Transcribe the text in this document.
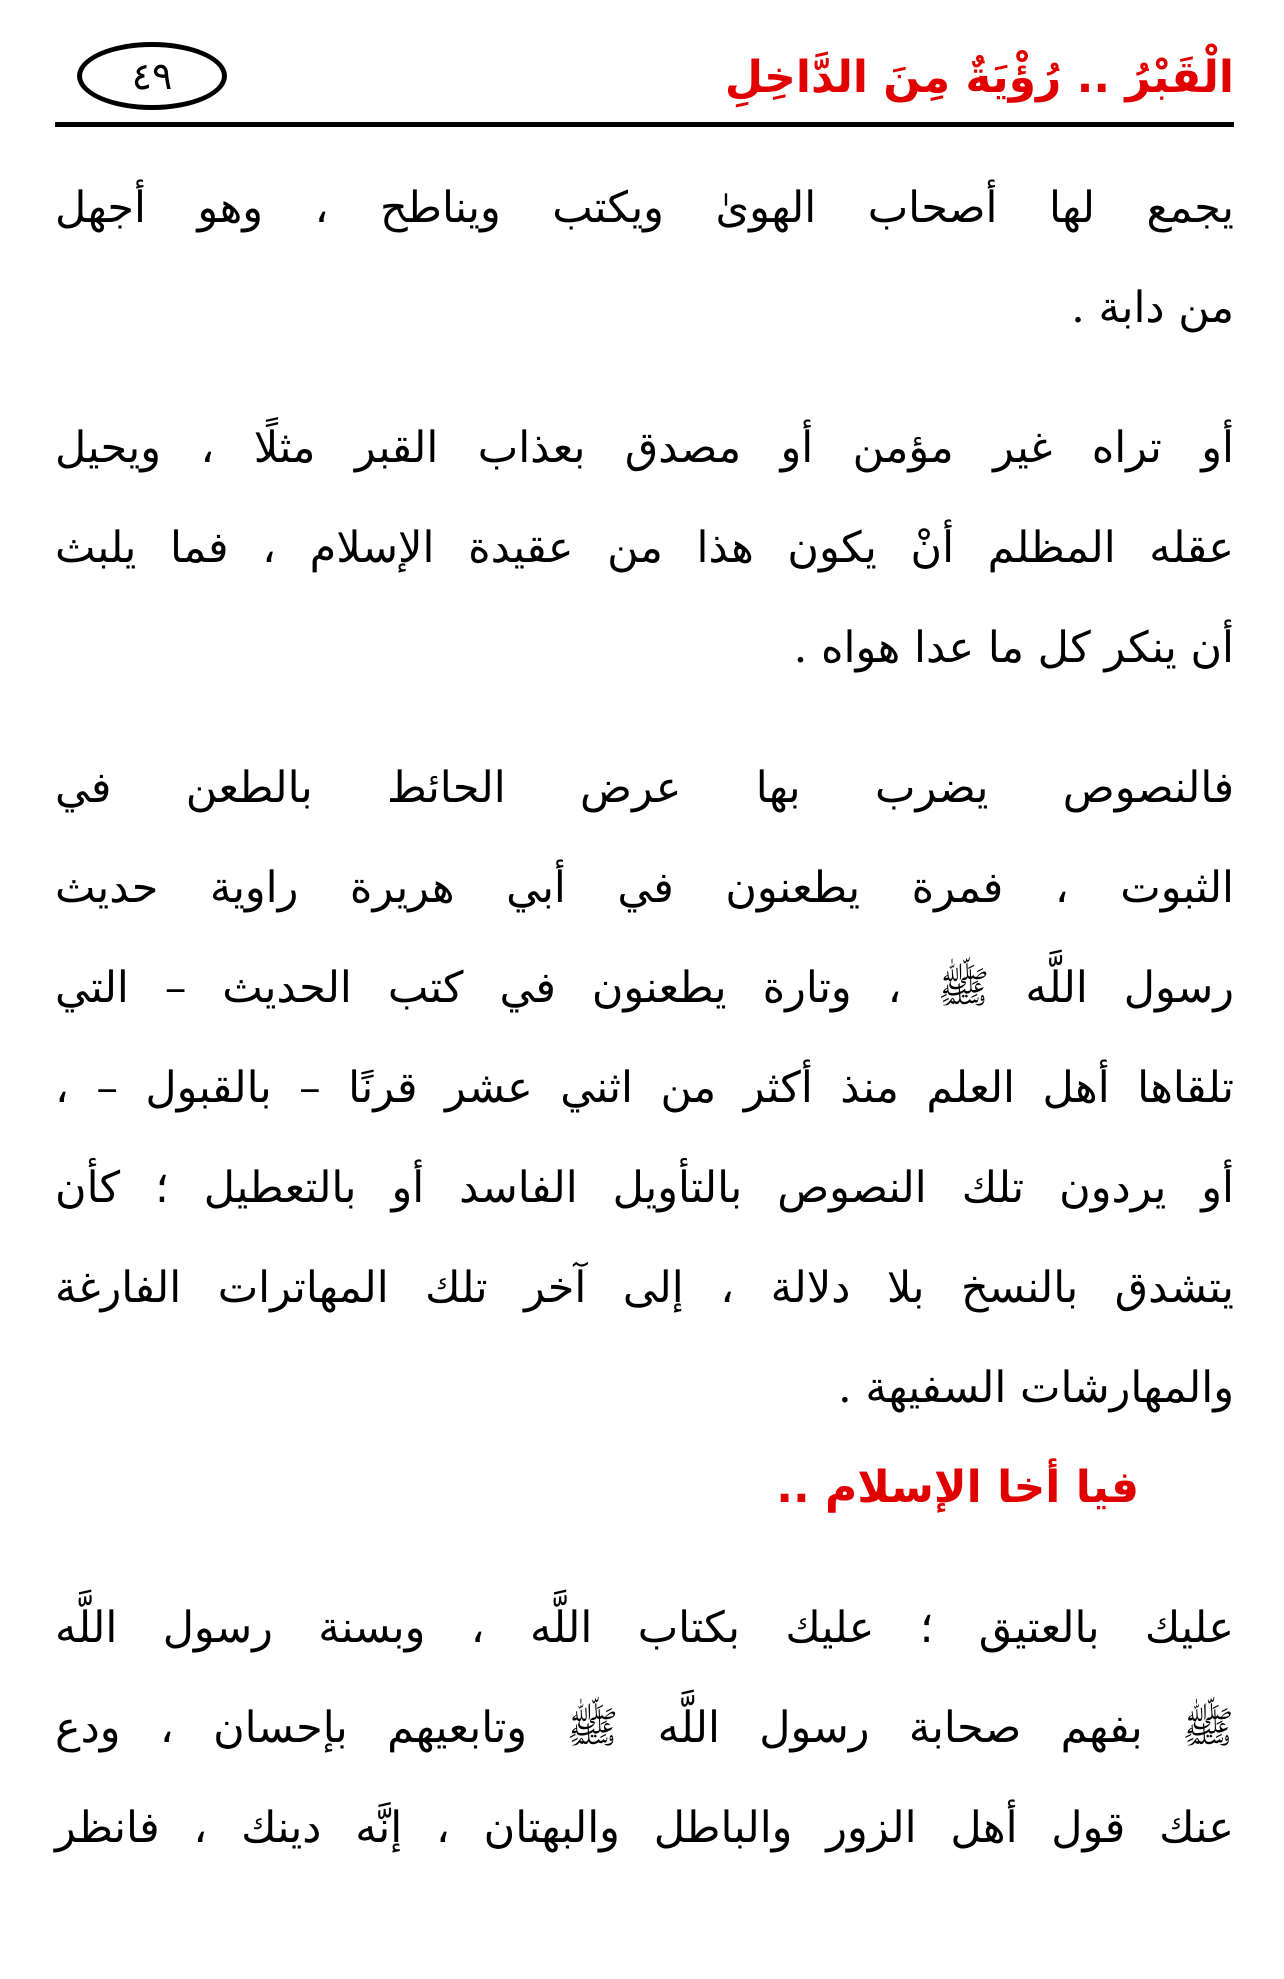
الْقَبْرُ .. رُؤْيَةٌ مِنَ الدَّاخِلِ
٤٩
يجمع لها أصحاب الهوىٰ ويكتب ويناطح ، وهو أجهل
من دابة .
أو تراه غير مؤمن أو مصدق بعذاب القبر مثلًا ، ويحيل
عقله المظلم أنْ يكون هذا من عقيدة الإسلام ، فما يلبث
أن ينكر كل ما عدا هواه .
فالنصوص يضرب بها عرض الحائط بالطعن في
الثبوت ، فمرة يطعنون في أبي هريرة راوية حديث
رسول اللَّه ﷺ ، وتارة يطعنون في كتب الحديث – التي
تلقاها أهل العلم منذ أكثر من اثني عشر قرنًا – بالقبول – ،
أو يردون تلك النصوص بالتأويل الفاسد أو بالتعطيل ؛ كأن
يتشدق بالنسخ بلا دلالة ، إلى آخر تلك المهاترات الفارغة
والمهارشات السفيهة .
فيا أخا الإسلام ..
عليك بالعتيق ؛ عليك بكتاب اللَّه ، وبسنة رسول اللَّه
ﷺ بفهم صحابة رسول اللَّه ﷺ وتابعيهم بإحسان ، ودع
عنك قول أهل الزور والباطل والبهتان ، إنَّه دينك ، فانظر
